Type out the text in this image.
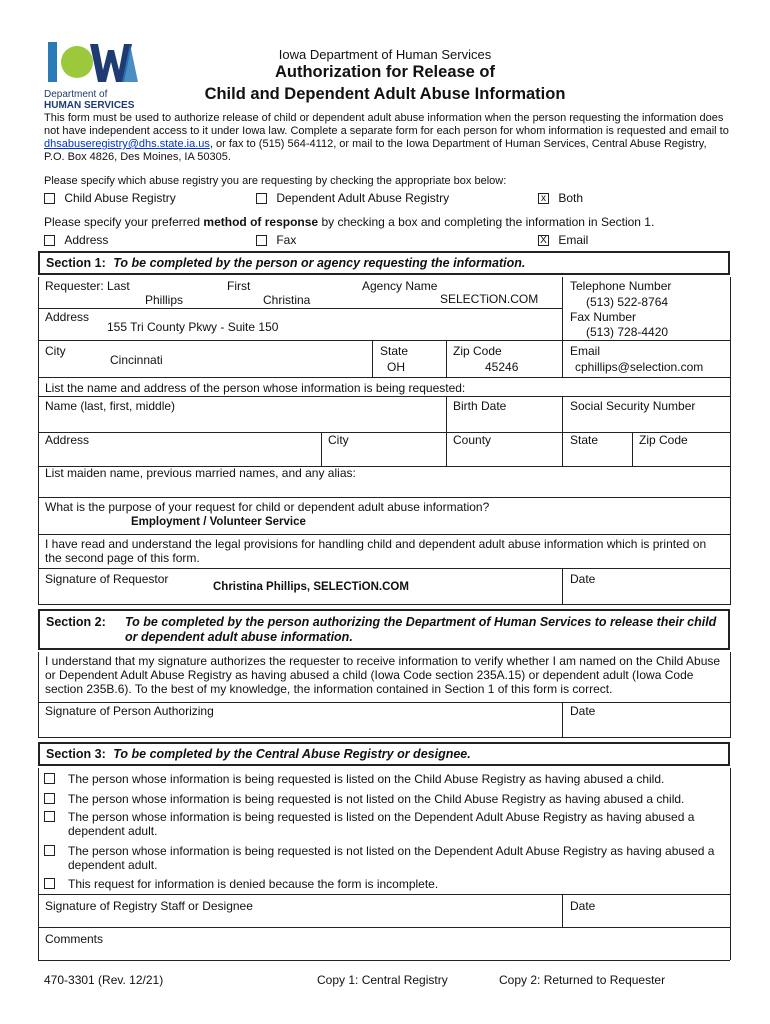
Department of
HUMAN SERVICES
Iowa Department of Human Services
Authorization for Release of
Child and Dependent Adult Abuse Information
This form must be used to authorize release of child or dependent adult abuse information when the person requesting the information does not have independent access to it under Iowa law. Complete a separate form for each person for whom information is requested and email to dhsabuseregistry@dhs.state.ia.us, or fax to (515) 564-4112, or mail to the Iowa Department of Human Services, Central Abuse Registry, P.O. Box 4826, Des Moines, IA 50305.
Please specify which abuse registry you are requesting by checking the appropriate box below:
Child Abuse Registry	Dependent Adult Abuse Registry	x Both
Please specify your preferred method of response by checking a box and completing the information in Section 1.
Address	Fax	X Email
Section 1: To be completed by the person or agency requesting the information.
Requester: Last	First	Agency Name
Phillips	Christina	SELECTiON.COM
Telephone Number
(513) 522-8764
Fax Number
(513) 728-4420
Email
cphillips@selection.com
Address
155 Tri County Pkwy - Suite 150
City
Cincinnati
State
OH
Zip Code
45246
List the name and address of the person whose information is being requested:
Name (last, first, middle)	Birth Date	Social Security Number
Address	City	County	State	Zip Code
List maiden name, previous married names, and any alias:
What is the purpose of your request for child or dependent adult abuse information?
Employment / Volunteer Service
I have read and understand the legal provisions for handling child and dependent adult abuse information which is printed on the second page of this form.
Signature of Requestor
Christina Phillips, SELECTiON.COM
Date
Section 2: To be completed by the person authorizing the Department of Human Services to release their child or dependent adult abuse information.
I understand that my signature authorizes the requester to receive information to verify whether I am named on the Child Abuse or Dependent Adult Abuse Registry as having abused a child (Iowa Code section 235A.15) or dependent adult (Iowa Code section 235B.6). To the best of my knowledge, the information contained in Section 1 of this form is correct.
Signature of Person Authorizing	Date
Section 3: To be completed by the Central Abuse Registry or designee.
The person whose information is being requested is listed on the Child Abuse Registry as having abused a child.
The person whose information is being requested is not listed on the Child Abuse Registry as having abused a child.
The person whose information is being requested is listed on the Dependent Adult Abuse Registry as having abused a dependent adult.
The person whose information is being requested is not listed on the Dependent Adult Abuse Registry as having abused a dependent adult.
This request for information is denied because the form is incomplete.
Signature of Registry Staff or Designee	Date
Comments
470-3301 (Rev. 12/21)	Copy 1: Central Registry	Copy 2: Returned to Requester
